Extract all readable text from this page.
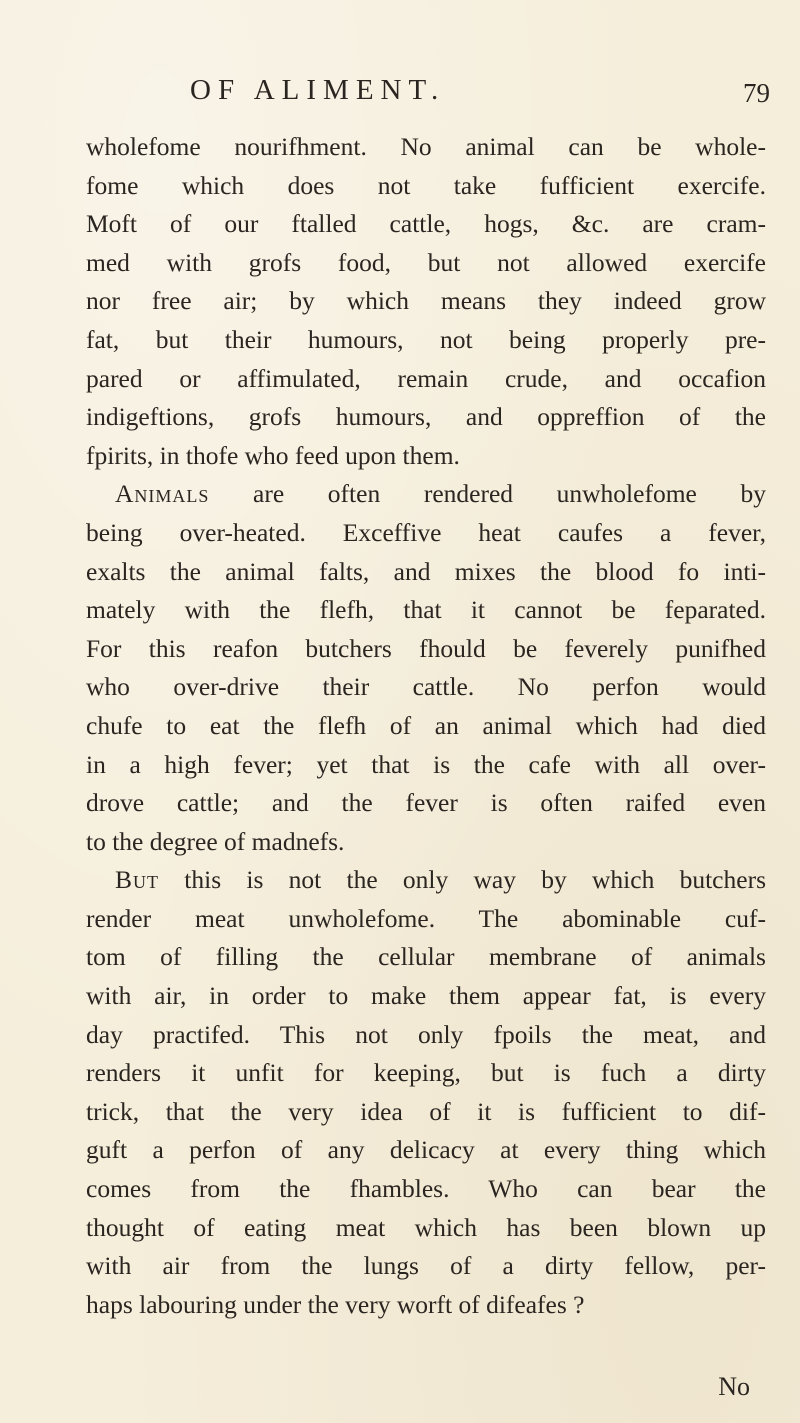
OF ALIMENT.	79
wholefome nourifhment. No animal can be whole-
fome which does not take fufficient exercife.
Moft of our ftalled cattle, hogs, &c. are cram-
med with grofs food, but not allowed exercife
nor free air; by which means they indeed grow
fat, but their humours, not being properly pre-
pared or affimulated, remain crude, and occafion
indigeftions, grofs humours, and oppreffion of the
fpirits, in thofe who feed upon them.
Animals are often rendered unwholefome by
being over-heated. Exceffive heat caufes a fever,
exalts the animal falts, and mixes the blood fo inti-
mately with the flefh, that it cannot be feparated.
For this reafon butchers fhould be feverely punifhed
who over-drive their cattle. No perfon would
chufe to eat the flefh of an animal which had died
in a high fever; yet that is the cafe with all over-
drove cattle; and the fever is often raifed even
to the degree of madnefs.
But this is not the only way by which butchers
render meat unwholefome. The abominable cuf-
tom of filling the cellular membrane of animals
with air, in order to make them appear fat, is every
day practifed. This not only fpoils the meat, and
renders it unfit for keeping, but is fuch a dirty
trick, that the very idea of it is fufficient to dif-
guft a perfon of any delicacy at every thing which
comes from the fhambles. Who can bear the
thought of eating meat which has been blown up
with air from the lungs of a dirty fellow, per-
haps labouring under the very worft of difeafes ?
No
